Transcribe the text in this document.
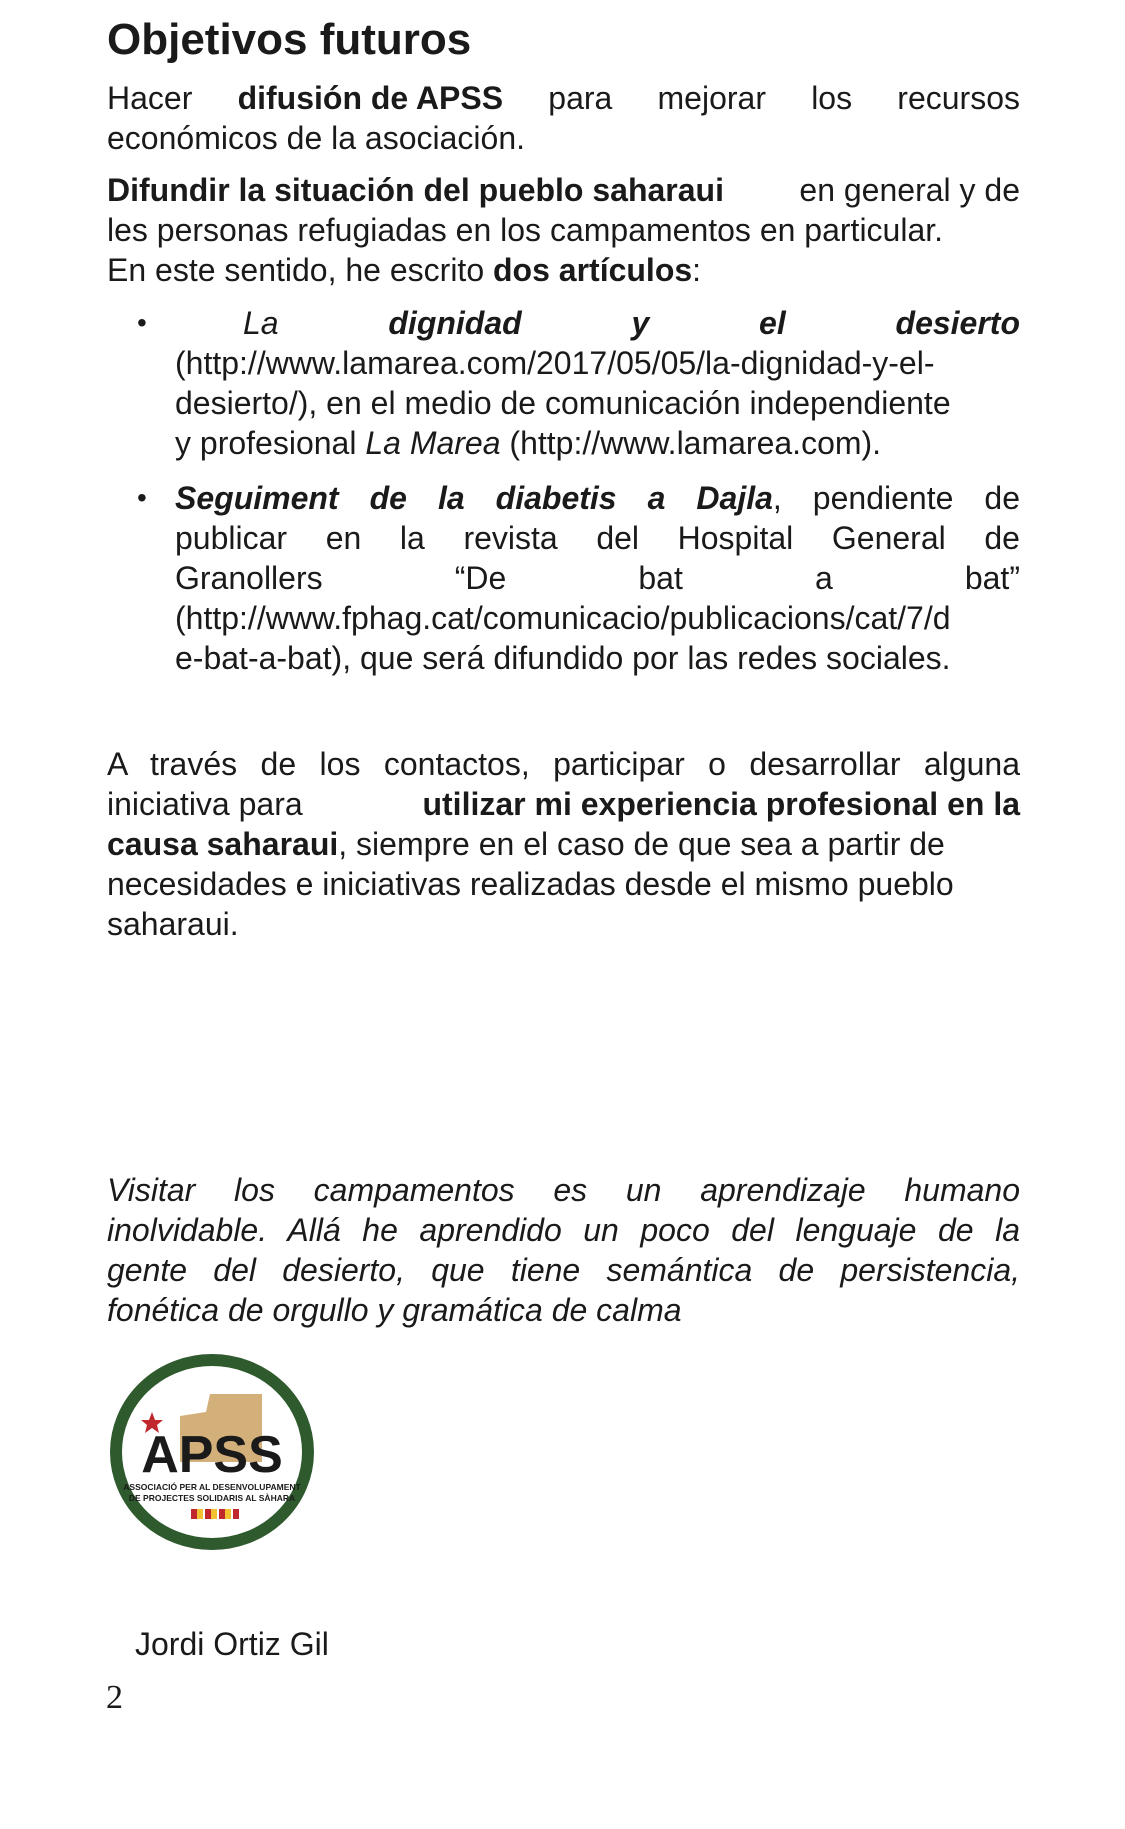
Objetivos futuros
Hacer difusión de APSS para mejorar los recursos
económicos de la asociación.
Difundir la situación del pueblo saharaui en general y de
les personas refugiadas en los campamentos en particular.
En este sentido, he escrito dos artículos:
•	La	dignidad	y	el	desierto
(http://www.lamarea.com/2017/05/05/la-dignidad-y-el-
desierto/), en el medio de comunicación independiente
y profesional La Marea (http://www.lamarea.com).
• Seguiment de la diabetis a Dajla, pendiente de
publicar en la revista del Hospital General de
Granollers	“De	bat	a	bat”
(http://www.fphag.cat/comunicacio/publicacions/cat/7/d
e-bat-a-bat), que será difundido por las redes sociales.
A través de los contactos, participar o desarrollar alguna
iniciativa para	utilizar mi experiencia profesional en la
causa saharaui, siempre en el caso de que sea a partir de
necesidades e iniciativas realizadas desde el mismo pueblo
saharaui.
Visitar los campamentos es un aprendizaje humano
inolvidable. Allá he aprendido un poco del lenguaje de la
gente del desierto, que tiene semántica de persistencia,
fonética de orgullo y gramática de calma
APSS
ASSOCIACIÓ PER AL DESENVOLUPAMENT
DE PROJECTES SOLIDARIS AL SÀHARA
Jordi Ortiz Gil
2
